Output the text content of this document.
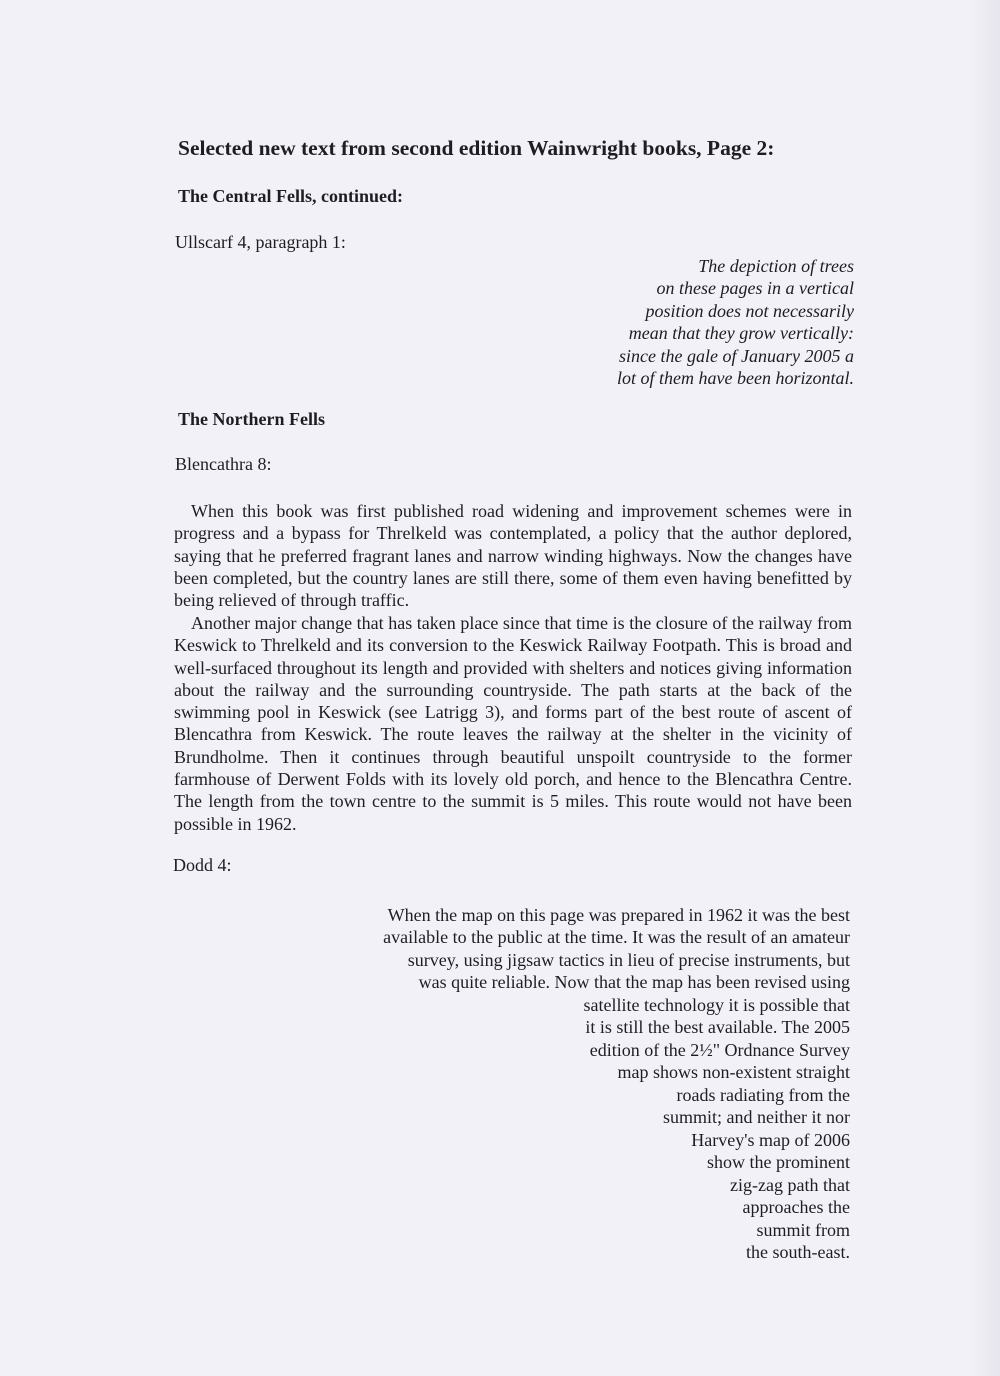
Selected new text from second edition Wainwright books, Page 2:
The Central Fells, continued:
Ullscarf 4, paragraph 1:
The depiction of trees
on these pages in a vertical
position does not necessarily
mean that they grow vertically:
since the gale of January 2005 a
lot of them have been horizontal.
The Northern Fells
Blencathra 8:

When this book was first published road widening and improvement schemes were in progress and a bypass for Threlkeld was contemplated, a policy that the author deplored, saying that he preferred fragrant lanes and narrow winding highways. Now the changes have been completed, but the country lanes are still there, some of them even having benefitted by being relieved of through traffic.

Another major change that has taken place since that time is the closure of the railway from Keswick to Threlkeld and its conversion to the Keswick Railway Footpath. This is broad and well-surfaced throughout its length and provided with shelters and notices giving information about the railway and the surrounding countryside. The path starts at the back of the swimming pool in Keswick (see Latrigg 3), and forms part of the best route of ascent of Blencathra from Keswick. The route leaves the railway at the shelter in the vicinity of Brundholme. Then it continues through beautiful unspoilt countryside to the former farmhouse of Derwent Folds with its lovely old porch, and hence to the Blencathra Centre. The length from the town centre to the summit is 5 miles. This route would not have been possible in 1962.

Dodd 4:
When the map on this page was prepared in 1962 it was the best
available to the public at the time. It was the result of an amateur
survey, using jigsaw tactics in lieu of precise instruments, but
was quite reliable. Now that the map has been revised using
satellite technology it is possible that
it is still the best available. The 2005
edition of the 2½" Ordnance Survey
map shows non-existent straight
roads radiating from the
summit; and neither it nor
Harvey's map of 2006
show the prominent
zig-zag path that
approaches the
summit from
the south-east.
